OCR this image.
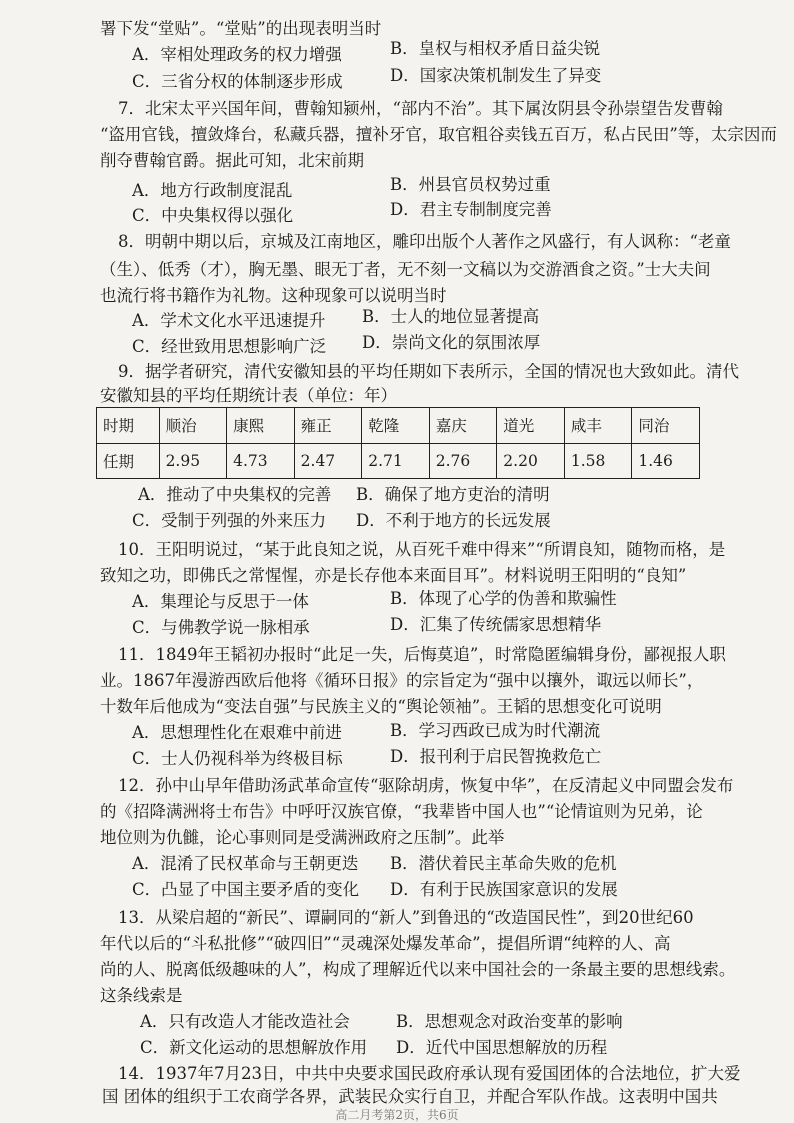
署下发“堂贴”。“堂贴”的出现表明当时
A．宰相处理政务的权力增强	B．皇权与相权矛盾日益尖锐
C．三省分权的体制逐步形成	D．国家决策机制发生了异变
7．北宋太平兴国年间，曹翰知颍州，“部内不治”。其下属汝阴县令孙崇望告发曹翰
“盗用官钱，擅敛烽台，私藏兵器，擅补牙官，取官粗谷卖钱五百万，私占民田”等，太宗因而
削夺曹翰官爵。据此可知，北宋前期
A．地方行政制度混乱	B．州县官员权势过重
C．中央集权得以强化	D．君主专制制度完善
8．明朝中期以后，京城及江南地区，雕印出版个人著作之风盛行，有人讽称：“老童
（生）、低秀（才），胸无墨、眼无丁者，无不刻一文稿以为交游酒食之资。”士大夫间
也流行将书籍作为礼物。这种现象可以说明当时
A．学术文化水平迅速提升 B．士人的地位显著提高
C．经世致用思想影响广泛 D．崇尚文化的氛围浓厚
9．据学者研究，清代安徽知县的平均任期如下表所示，全国的情况也大致如此。清代
安徽知县的平均任期统计表（单位：年）
时期	顺治	康熙	雍正	乾隆	嘉庆	道光	咸丰	同治
任期	2.95	4.73	2.47	2.71	2.76	2.20	1.58	1.46
A．推动了中央集权的完善 B．确保了地方吏治的清明
C．受制于列强的外来压力 D．不利于地方的长远发展
10．王阳明说过，“某于此良知之说，从百死千难中得来”“所谓良知，随物而格，是
致知之功，即佛氏之常惺惺，亦是长存他本来面目耳”。材料说明王阳明的“良知”
A．集理论与反思于一体	B．体现了心学的伪善和欺骗性
C．与佛教学说一脉相承	D．汇集了传统儒家思想精华
11．1849年王韬初办报时“此足一失，后悔莫追”，时常隐匿编辑身份，鄙视报人职
业。1867年漫游西欧后他将《循环日报》的宗旨定为“强中以攘外，诹远以师长”，
十数年后他成为“变法自强”与民族主义的“舆论领袖”。王韬的思想变化可说明
A．思想理性化在艰难中前进	B．学习西政已成为时代潮流
C．士人仍视科举为终极目标	D．报刊利于启民智挽救危亡
12．孙中山早年借助汤武革命宣传“驱除胡虏，恢复中华”，在反清起义中同盟会发布
的《招降满洲将士布告》中呼吁汉族官僚，“我辈皆中国人也”“论情谊则为兄弟，论
地位则为仇雠，论心事则同是受满洲政府之压制”。此举
A．混淆了民权革命与王朝更迭 B．潜伏着民主革命失败的危机
C．凸显了中国主要矛盾的变化 D．有利于民族国家意识的发展
13．从梁启超的“新民”、谭嗣同的“新人”到鲁迅的“改造国民性”，到20世纪60
年代以后的“斗私批修”“破四旧”“灵魂深处爆发革命”，提倡所谓“纯粹的人、高
尚的人、脱离低级趣味的人”，构成了理解近代以来中国社会的一条最主要的思想线索。
这条线索是
A．只有改造人才能改造社会	B．思想观念对政治变革的影响
C．新文化运动的思想解放作用 D．近代中国思想解放的历程
14．1937年7月23日，中共中央要求国民政府承认现有爱国团体的合法地位，扩大爱
国 团体的组织于工农商学各界，武装民众实行自卫，并配合军队作战。这表明中国共
高二月考第2页，共6页
